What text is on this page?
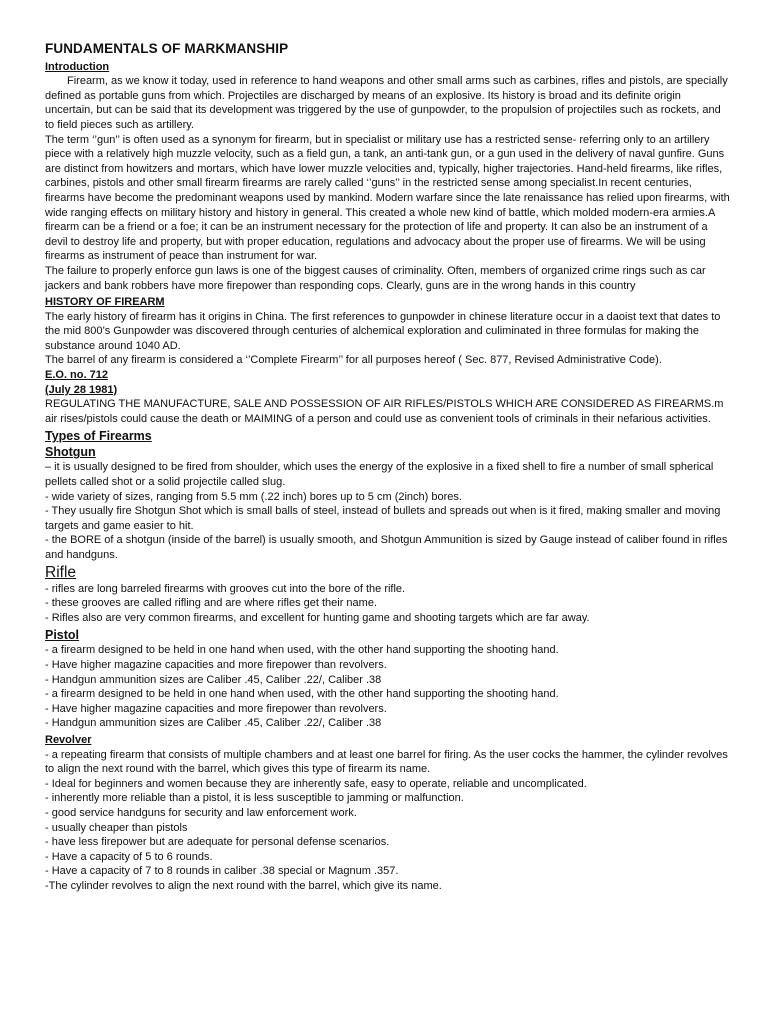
FUNDAMENTALS OF MARKMANSHIP
Introduction

Firearm, as we know it today, used in reference to hand weapons and other small arms such as carbines, rifles and pistols, are specially defined as portable guns from which. Projectiles are discharged by means of an explosive. Its history is broad and its definite origin uncertain, but can be said that its development was triggered by the use of gunpowder, to the propulsion of projectiles such as rockets, and to field pieces such as artillery.

The term ‘’gun’’ is often used as a synonym for firearm, but in specialist or military use has a restricted sense- referring only to an artillery piece with a relatively high muzzle velocity, such as a field gun, a tank, an anti-tank gun, or a gun used in the delivery of naval gunfire. Guns are distinct from howitzers and mortars, which have lower muzzle velocities and, typically, higher trajectories. Hand-held firearms, like rifles, carbines, pistols and other small firearm firearms are rarely called ‘’guns’’ in the restricted sense among specialist.In recent centuries, firearms have become the predominant weapons used by mankind. Modern warfare since the late renaissance has relied upon firearms, with wide ranging effects on military history and history in general. This created a whole new kind of battle, which molded modern-era armies.A firearm can be a friend or a foe; it can be an instrument necessary for the protection of life and property. It can also be an instrument of a devil to destroy life and property, but with proper education, regulations and advocacy about the proper use of firearms. We will be using firearms as instrument of peace than instrument for war.

The failure to properly enforce gun laws is one of the biggest causes of criminality. Often, members of organized crime rings such as car jackers and bank robbers have more firepower than responding cops. Clearly, guns are in the wrong hands in this country

HISTORY OF FIREARM

The early history of firearm has it origins in China. The first references to gunpowder in chinese literature occur in a daoist text that dates to the mid 800’s Gunpowder was discovered through centuries of alchemical exploration and culiminated in three formulas for making the substance around 1040 AD.

The barrel of any firearm is considered a ‘’Complete Firearm’’ for all purposes hereof ( Sec. 877, Revised Administrative Code).

E.O. no. 712

(July 28 1981)

REGULATING THE MANUFACTURE, SALE AND POSSESSION OF AIR RIFLES/PISTOLS WHICH ARE CONSIDERED AS FIREARMS.m air rises/pistols could cause the death or MAIMING of a person and could use as convenient tools of criminals in their nefarious activities.

Types of Firearms
Shotgun

– it is usually designed to be fired from shoulder, which uses the energy of the explosive in a fixed shell to fire a number of small spherical pellets called shot or a solid projectile called slug.

- wide variety of sizes, ranging from 5.5 mm (.22 inch) bores up to 5 cm (2inch) bores.

- They usually fire Shotgun Shot which is small balls of steel, instead of bullets and spreads out when is it fired, making smaller and moving targets and game easier to hit.

- the BORE of a shotgun (inside of the barrel) is usually smooth, and Shotgun Ammunition is sized by Gauge instead of caliber found in rifles and handguns.

Rifle

- rifles are long barreled firearms with grooves cut into the bore of the rifle.

- these grooves are called rifling and are where rifles get their name.

- Rifles also are very common firearms, and excellent for hunting game and shooting targets which are far away.

Pistol

- a firearm designed to be held in one hand when used, with the other hand supporting the shooting hand.

- Have higher magazine capacities and more firepower than revolvers.

- Handgun ammunition sizes are Caliber .45, Caliber .22/, Caliber .38

- a firearm designed to be held in one hand when used, with the other hand supporting the shooting hand.

- Have higher magazine capacities and more firepower than revolvers.

- Handgun ammunition sizes are Caliber .45, Caliber .22/, Caliber .38

Revolver

- a repeating firearm that consists of multiple chambers and at least one barrel for firing. As the user cocks the hammer, the cylinder revolves to align the next round with the barrel, which gives this type of firearm its name.

- Ideal for beginners and women because they are inherently safe, easy to operate, reliable and uncomplicated.

- inherently more reliable than a pistol, it is less susceptible to jamming or malfunction.

- good service handguns for security and law enforcement work.

- usually cheaper than pistols

- have less firepower but are adequate for personal defense scenarios.

- Have a capacity of 5 to 6 rounds.

- Have a capacity of 7 to 8 rounds in caliber .38 special or Magnum .357.

-The cylinder revolves to align the next round with the barrel, which give its name.
